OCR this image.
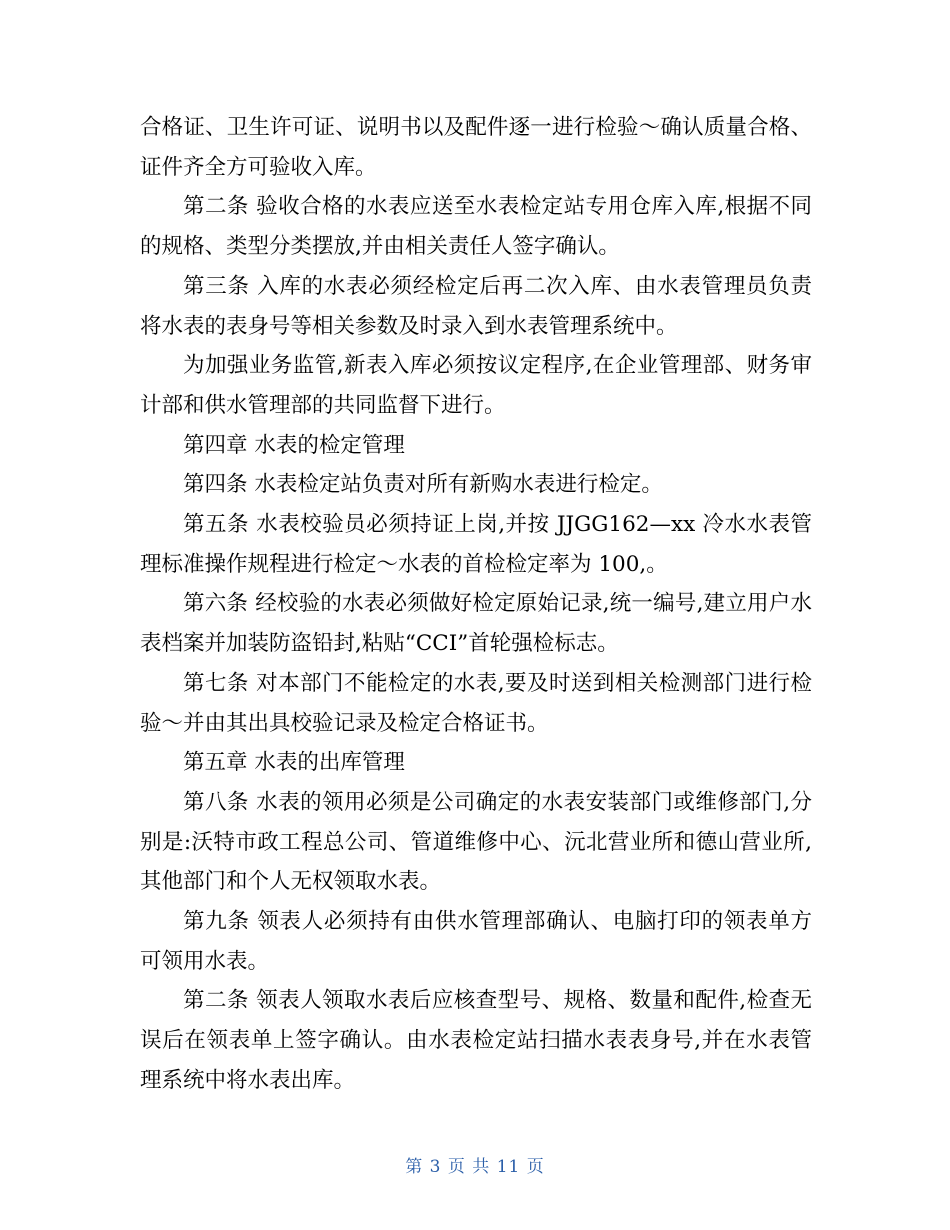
合格证、卫生许可证、说明书以及配件逐一进行检验～确认质量合格、证件齐全方可验收入库。

第二条 验收合格的水表应送至水表检定站专用仓库入库,根据不同的规格、类型分类摆放,并由相关责任人签字确认。

第三条 入库的水表必须经检定后再二次入库、由水表管理员负责将水表的表身号等相关参数及时录入到水表管理系统中。

为加强业务监管,新表入库必须按议定程序,在企业管理部、财务审计部和供水管理部的共同监督下进行。

第四章 水表的检定管理

第四条 水表检定站负责对所有新购水表进行检定。

第五条 水表校验员必须持证上岗,并按 JJGG162—xx 冷水水表管理标准操作规程进行检定～水表的首检检定率为 100,。

第六条 经校验的水表必须做好检定原始记录,统一编号,建立用户水表档案并加装防盗铅封,粘贴“CCI”首轮强检标志。

第七条 对本部门不能检定的水表,要及时送到相关检测部门进行检验～并由其出具校验记录及检定合格证书。

第五章 水表的出库管理

第八条 水表的领用必须是公司确定的水表安装部门或维修部门,分别是:沃特市政工程总公司、管道维修中心、沅北营业所和德山营业所,其他部门和个人无权领取水表。

第九条 领表人必须持有由供水管理部确认、电脑打印的领表单方可领用水表。

第二条 领表人领取水表后应核查型号、规格、数量和配件,检查无误后在领表单上签字确认。由水表检定站扫描水表表身号,并在水表管理系统中将水表出库。

第 3 页 共 11 页
